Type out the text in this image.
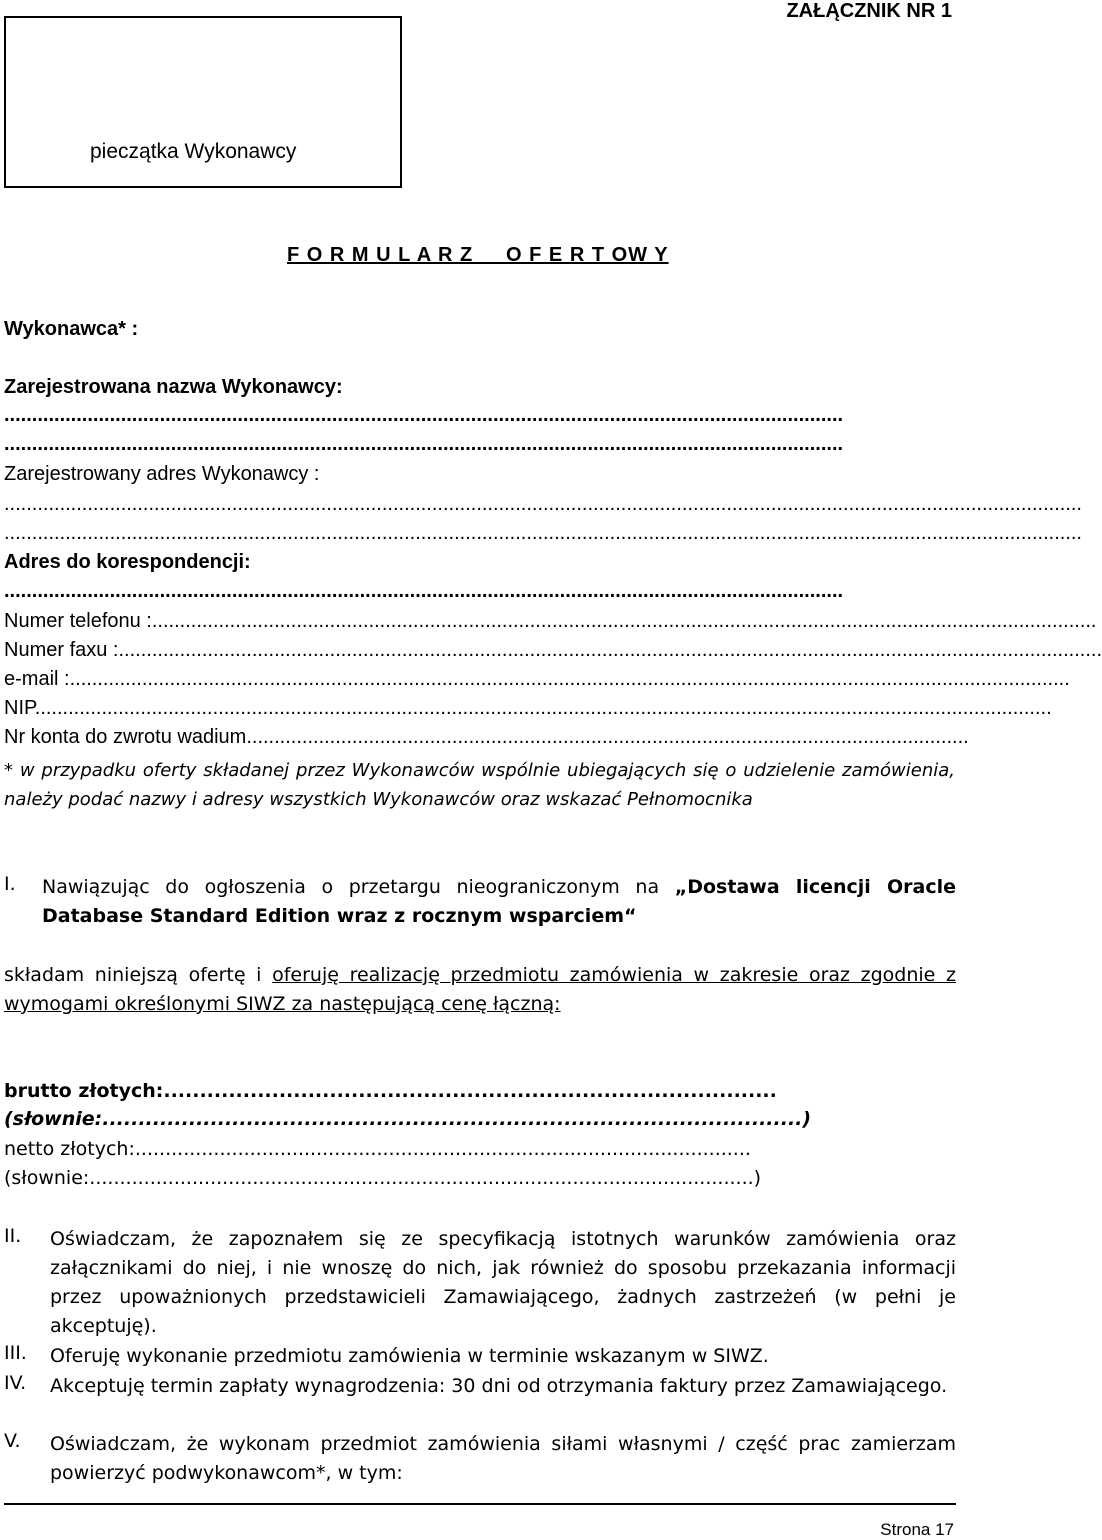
ZAŁĄCZNIK NR 1
pieczątka Wykonawcy
F O R M U L A R Z     O F E R T OW Y
Wykonawca* :
Zarejestrowana nazwa Wykonawcy:
.......................................................................................................................................................
.......................................................................................................................................................
Zarejestrowany adres Wykonawcy :
..................................................................................................................................................................................................
..................................................................................................................................................................................................
Adres do korespondencji:
.......................................................................................................................................................
Numer telefonu :..........................................................................................................................................................................
Numer faxu :.................................................................................................................................................................................
e-mail :....................................................................................................................................................................................
NIP.......................................................................................................................................................................................
Nr konta do zwrotu wadium..................................................................................................................................
* w przypadku oferty składanej przez Wykonawców wspólnie ubiegających się o udzielenie zamówienia, należy podać nazwy i adresy wszystkich Wykonawców oraz wskazać Pełnomocnika
I. Nawiązując do ogłoszenia o przetargu nieograniczonym na „Dostawa licencji Oracle Database Standard Edition wraz z rocznym wsparciem“
składam niniejszą ofertę i oferuję realizację przedmiotu zamówienia w zakresie oraz zgodnie z wymogami określonymi SIWZ za następującą cenę łączną:
brutto złotych:.....................................................................................
(słownie:.................................................................................................)
netto złotych:......................................................................................................
(słownie:..............................................................................................................)
II. Oświadczam, że zapoznałem się ze specyfikacją istotnych warunków zamówienia oraz załącznikami do niej, i nie wnoszę do nich, jak również do sposobu przekazania informacji przez upoważnionych przedstawicieli Zamawiającego, żadnych zastrzeżeń (w pełni je akceptuję).
III. Oferuję wykonanie przedmiotu zamówienia w terminie wskazanym w SIWZ.
IV. Akceptuję termin zapłaty wynagrodzenia: 30 dni od otrzymania faktury przez Zamawiającego.
V. Oświadczam, że wykonam przedmiot zamówienia siłami własnymi / część prac zamierzam powierzyć podwykonawcom*, w tym:
Strona 17
